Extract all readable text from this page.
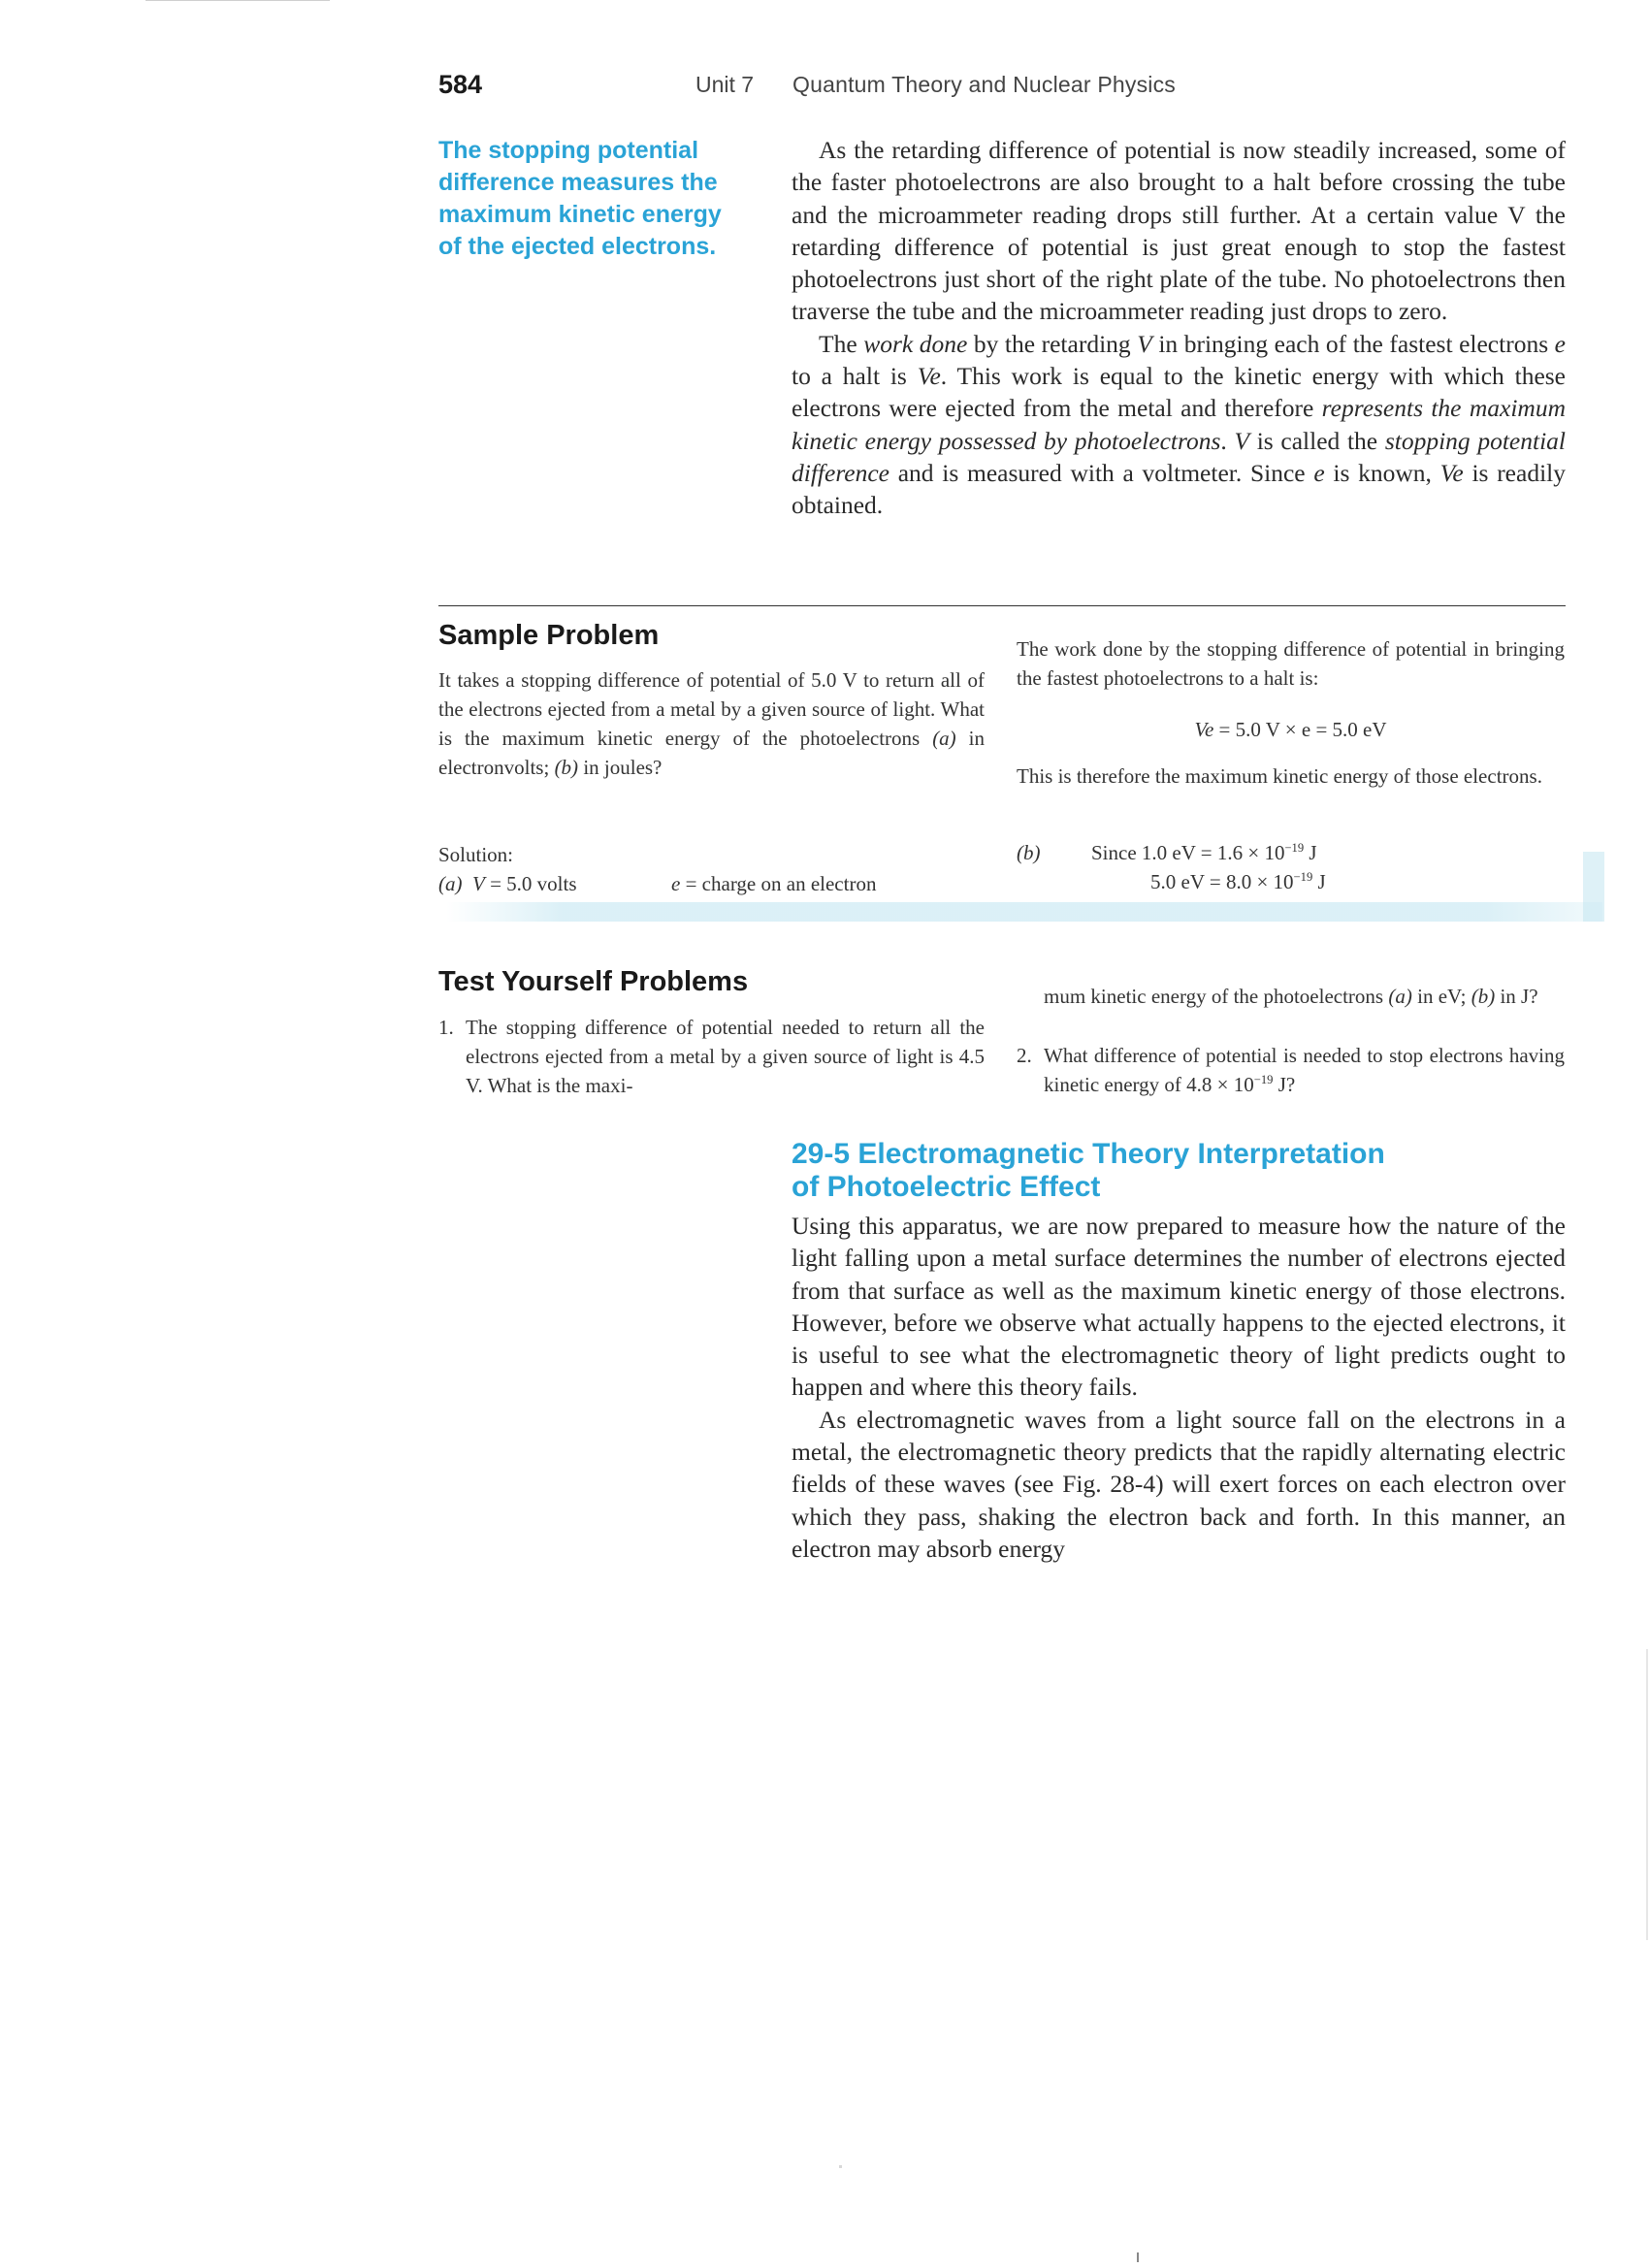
584	Unit 7 Quantum Theory and Nuclear Physics
The stopping potential difference measures the maximum kinetic energy of the ejected electrons.

As the retarding difference of potential is now steadily increased, some of the faster photoelectrons are also brought to a halt before crossing the tube and the microammeter reading drops still further. At a certain value V the retarding difference of potential is just great enough to stop the fastest photoelectrons just short of the right plate of the tube. No photoelectrons then traverse the tube and the microammeter reading just drops to zero.

The work done by the retarding V in bringing each of the fastest electrons e to a halt is Ve. This work is equal to the kinetic energy with which these electrons were ejected from the metal and therefore represents the maximum kinetic energy possessed by photoelectrons. V is called the stopping potential difference and is measured with a voltmeter. Since e is known, Ve is readily obtained.

Sample Problem
It takes a stopping difference of potential of 5.0 V to return all of the electrons ejected from a metal by a given source of light. What is the maximum kinetic energy of the photoelectrons (a) in electronvolts; (b) in joules?
Solution:
(a) V = 5.0 volts	e = charge on an electron
The work done by the stopping difference of potential in bringing the fastest photoelectrons to a halt is:
Ve = 5.0 V × e = 5.0 eV
This is therefore the maximum kinetic energy of those electrons.
(b)	Since 1.0 eV = $1.6 \times 10^{-19}$ J
5.0 eV = $8.0 \times 10^{-19}$ J
Test Yourself Problems
1. The stopping difference of potential needed to return all the electrons ejected from a metal by a given source of light is 4.5 V. What is the maxi-
mum kinetic energy of the photoelectrons (a) in eV; (b) in J?
2. What difference of potential is needed to stop electrons having kinetic energy of $4.8 \times 10^{-19}$ J?
29-5 Electromagnetic Theory Interpretation
of Photoelectric Effect

Using this apparatus, we are now prepared to measure how the nature of the light falling upon a metal surface determines the number of electrons ejected from that surface as well as the maximum kinetic energy of those electrons. However, before we observe what actually happens to the ejected electrons, it is useful to see what the electromagnetic theory of light predicts ought to happen and where this theory fails.

As electromagnetic waves from a light source fall on the electrons in a metal, the electromagnetic theory predicts that the rapidly alternating electric fields of these waves (see Fig. 28-4) will exert forces on each electron over which they pass, shaking the electron back and forth. In this manner, an electron may absorb energy
